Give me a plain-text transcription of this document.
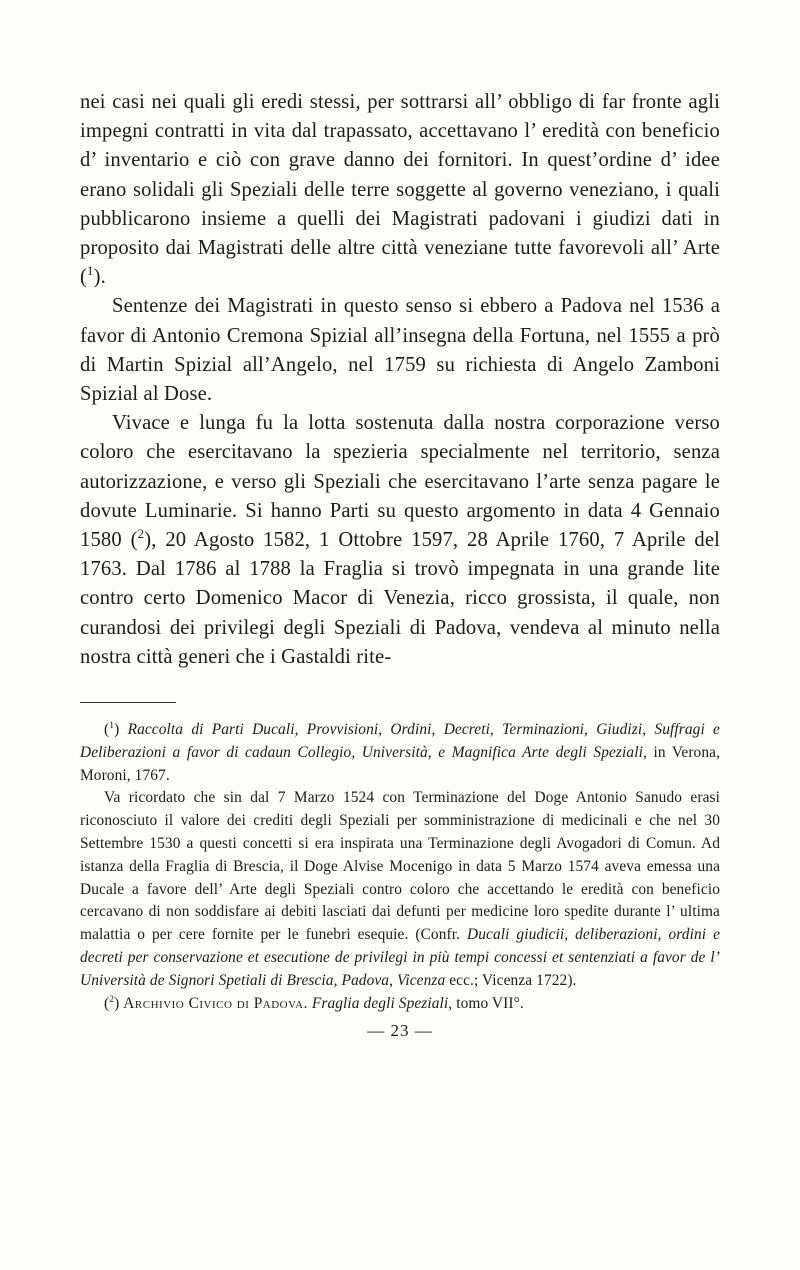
nei casi nei quali gli eredi stessi, per sottrarsi all’ obbligo di far fronte agli impegni contratti in vita dal trapassato, accettavano l’ eredità con beneficio d’ inventario e ciò con grave danno dei fornitori. In quest’ordine d’ idee erano solidali gli Speziali delle terre soggette al governo veneziano, i quali pubblicarono insieme a quelli dei Magistrati padovani i giudizi dati in proposito dai Magistrati delle altre città veneziane tutte favorevoli all’ Arte ($^1$).

Sentenze dei Magistrati in questo senso si ebbero a Padova nel 1536 a favor di Antonio Cremona Spizial all’insegna della Fortuna, nel 1555 a prò di Martin Spizial all’Angelo, nel 1759 su richiesta di Angelo Zamboni Spizial al Dose.

Vivace e lunga fu la lotta sostenuta dalla nostra corporazione verso coloro che esercitavano la spezieria specialmente nel territorio, senza autorizzazione, e verso gli Speziali che esercitavano l’arte senza pagare le dovute Luminarie. Si hanno Parti su questo argomento in data 4 Gennaio 1580 ($^2$), 20 Agosto 1582, 1 Ottobre 1597, 28 Aprile 1760, 7 Aprile del 1763. Dal 1786 al 1788 la Fraglia si trovò impegnata in una grande lite contro certo Domenico Macor di Venezia, ricco grossista, il quale, non curandosi dei privilegi degli Speziali di Padova, vendeva al minuto nella nostra città generi che i Gastaldi rite-

($^1$) Raccolta di Parti Ducali, Provvisioni, Ordini, Decreti, Terminazioni, Giudizi, Suffragi e Deliberazioni a favor di cadaun Collegio, Università, e Magnifica Arte degli Speziali, in Verona, Moroni, 1767.

Va ricordato che sin dal 7 Marzo 1524 con Terminazione del Doge Antonio Sanudo erasi riconosciuto il valore dei crediti degli Speziali per somministrazione di medicinali e che nel 30 Settembre 1530 a questi concetti si era inspirata una Terminazione degli Avogadori di Comun. Ad istanza della Fraglia di Brescia, il Doge Alvise Mocenigo in data 5 Marzo 1574 aveva emessa una Ducale a favore dell’ Arte degli Speziali contro coloro che accettando le eredità con beneficio cercavano di non soddisfare ai debiti lasciati dai defunti per medicine loro spedite durante l’ ultima malattia o per cere fornite per le funebri esequie. (Confr. Ducali giudicii, deliberazioni, ordini e decreti per conservazione et esecutione de privilegi in più tempi concessi et sentenziati a favor de l’ Università de Signori Spetiali di Brescia, Padova, Vicenza ecc.; Vicenza 1722).

($^2$) Archivio Civico di Padova. Fraglia degli Speziali, tomo VII°.

— 23 —
